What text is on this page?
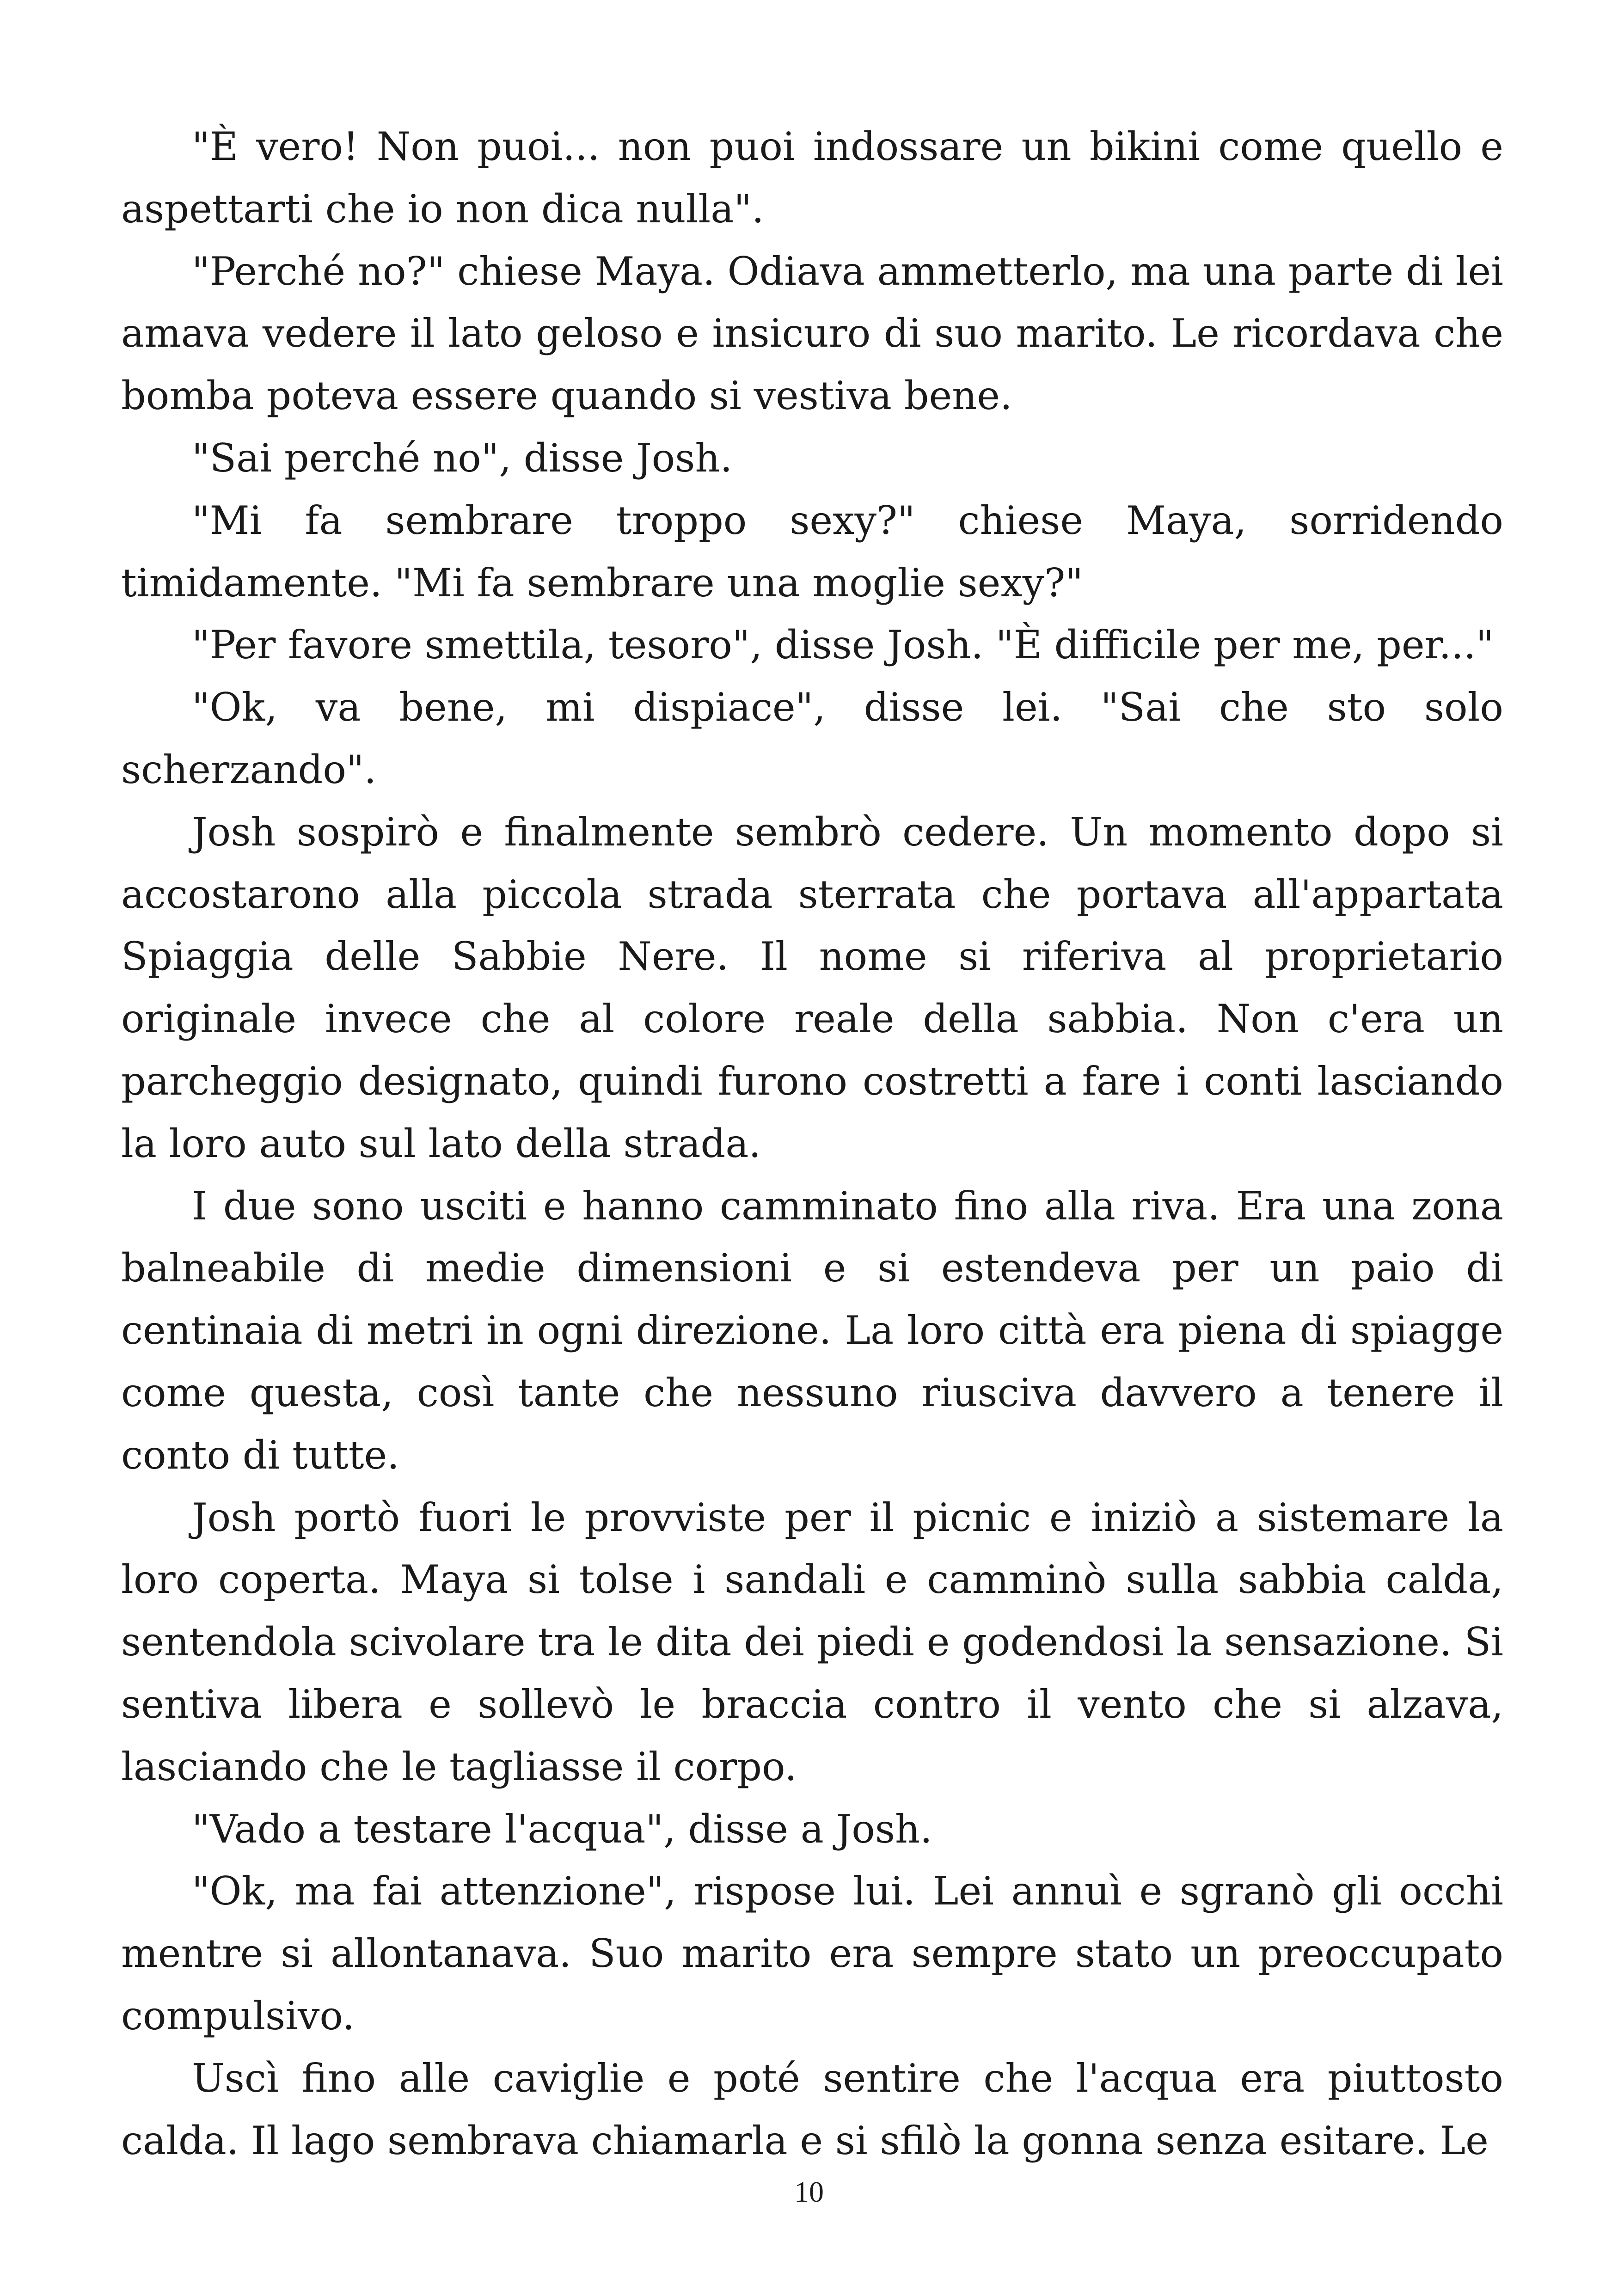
"È vero! Non puoi... non puoi indossare un bikini come quello e aspettarti che io non dica nulla".

"Perché no?" chiese Maya. Odiava ammetterlo, ma una parte di lei amava vedere il lato geloso e insicuro di suo marito. Le ricordava che bomba poteva essere quando si vestiva bene.

"Sai perché no", disse Josh.

"Mi fa sembrare troppo sexy?" chiese Maya, sorridendo timidamente. "Mi fa sembrare una moglie sexy?"

"Per favore smettila, tesoro", disse Josh. "È difficile per me, per..."

"Ok, va bene, mi dispiace", disse lei. "Sai che sto solo scherzando".

Josh sospirò e finalmente sembrò cedere. Un momento dopo si accostarono alla piccola strada sterrata che portava all'appartata Spiaggia delle Sabbie Nere. Il nome si riferiva al proprietario originale invece che al colore reale della sabbia. Non c'era un parcheggio designato, quindi furono costretti a fare i conti lasciando la loro auto sul lato della strada.

I due sono usciti e hanno camminato fino alla riva. Era una zona balneabile di medie dimensioni e si estendeva per un paio di centinaia di metri in ogni direzione. La loro città era piena di spiagge come questa, così tante che nessuno riusciva davvero a tenere il conto di tutte.

Josh portò fuori le provviste per il picnic e iniziò a sistemare la loro coperta. Maya si tolse i sandali e camminò sulla sabbia calda, sentendola scivolare tra le dita dei piedi e godendosi la sensazione. Si sentiva libera e sollevò le braccia contro il vento che si alzava, lasciando che le tagliasse il corpo.

"Vado a testare l'acqua", disse a Josh.

"Ok, ma fai attenzione", rispose lui. Lei annuì e sgranò gli occhi mentre si allontanava. Suo marito era sempre stato un preoccupato compulsivo.

Uscì fino alle caviglie e poté sentire che l'acqua era piuttosto calda. Il lago sembrava chiamarla e si sfilò la gonna senza esitare. Le

10
